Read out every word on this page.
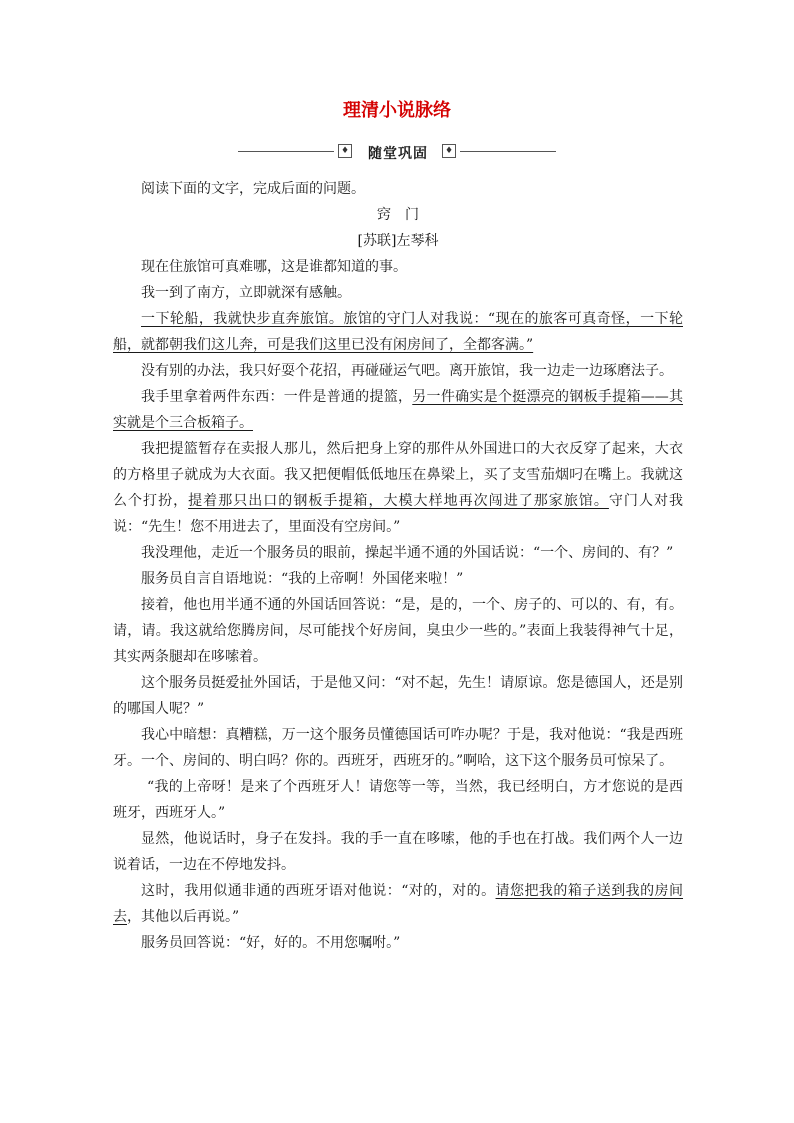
理清小说脉络
♦	随堂巩固	♦

阅读下面的文字，完成后面的问题。

窍　门

[苏联]左琴科

现在住旅馆可真难哪，这是谁都知道的事。

我一到了南方，立即就深有感触。

一下轮船，我就快步直奔旅馆。旅馆的守门人对我说：“现在的旅客可真奇怪，一下轮船，就都朝我们这儿奔，可是我们这里已没有闲房间了，全都客满。”

没有别的办法，我只好耍个花招，再碰碰运气吧。离开旅馆，我一边走一边琢磨法子。

我手里拿着两件东西：一件是普通的提篮，另一件确实是个挺漂亮的钢板手提箱——其实就是个三合板箱子。

我把提篮暂存在卖报人那儿，然后把身上穿的那件从外国进口的大衣反穿了起来，大衣的方格里子就成为大衣面。我又把便帽低低地压在鼻梁上，买了支雪茄烟叼在嘴上。我就这么个打扮，提着那只出口的钢板手提箱，大模大样地再次闯进了那家旅馆。守门人对我说：“先生！您不用进去了，里面没有空房间。”

我没理他，走近一个服务员的眼前，操起半通不通的外国话说：“一个、房间的、有？”

服务员自言自语地说：“我的上帝啊！外国佬来啦！”

接着，他也用半通不通的外国话回答说：“是，是的，一个、房子的、可以的、有，有。请，请。我这就给您腾房间，尽可能找个好房间，臭虫少一些的。”表面上我装得神气十足，其实两条腿却在哆嗦着。

这个服务员挺爱扯外国话，于是他又问：“对不起，先生！请原谅。您是德国人，还是别的哪国人呢？”

我心中暗想：真糟糕，万一这个服务员懂德国话可咋办呢？于是，我对他说：“我是西班牙。一个、房间的、明白吗？你的。西班牙，西班牙的。”啊哈，这下这个服务员可惊呆了。

“我的上帝呀！是来了个西班牙人！请您等一等，当然，我已经明白，方才您说的是西班牙，西班牙人。”

显然，他说话时，身子在发抖。我的手一直在哆嗦，他的手也在打战。我们两个人一边说着话，一边在不停地发抖。

这时，我用似通非通的西班牙语对他说：“对的，对的。请您把我的箱子送到我的房间去，其他以后再说。”

服务员回答说：“好，好的。不用您嘱咐。”
